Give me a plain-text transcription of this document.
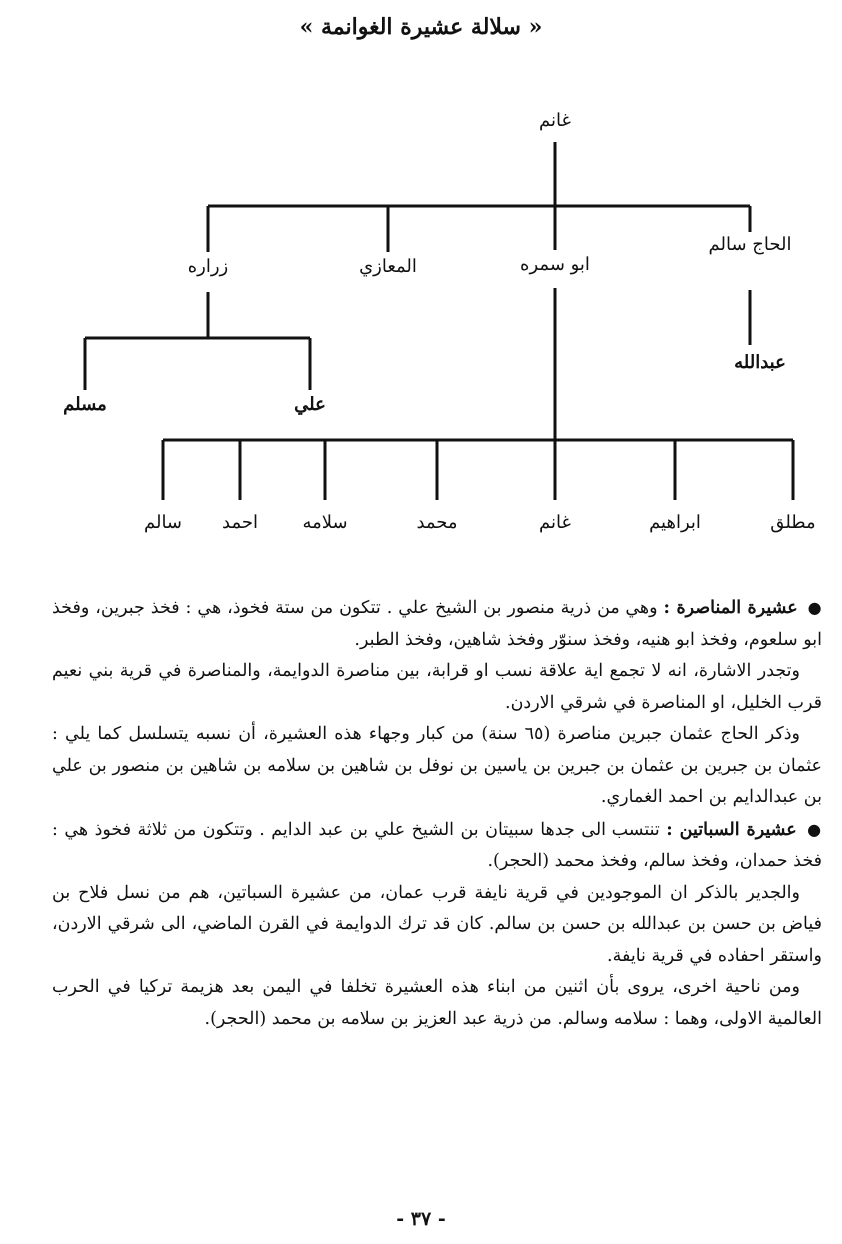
« سلالة عشيرة الغوانمة »
غانم
الحاج سالم
ابو سمره
المعازي
زراره
عبدالله
علي
مسلم
مطلق
ابراهيم
غانم
محمد
سلامه
احمد
سالم

● عشيرة المناصرة : وهي من ذرية منصور بن الشيخ علي . تتكون من ستة فخوذ، هي : فخذ جبرين، وفخذ ابو سلعوم، وفخذ ابو هنيه، وفخذ سنوّر وفخذ شاهين، وفخذ الطبر.

وتجدر الاشارة، انه لا تجمع اية علاقة نسب او قرابة، بين مناصرة الدوايمة، والمناصرة في قرية بني نعيم قرب الخليل، او المناصرة في شرقي الاردن.

وذكر الحاج عثمان جبرين مناصرة (٦٥ سنة) من كبار وجهاء هذه العشيرة، أن نسبه يتسلسل كما يلي : عثمان بن جبرين بن عثمان بن جبرين بن ياسين بن نوفل بن شاهين بن سلامه بن شاهين بن منصور بن علي بن عبدالدايم بن احمد الغماري.

● عشيرة السباتين : تنتسب الى جدها سبيتان بن الشيخ علي بن عبد الدايم . وتتكون من ثلاثة فخوذ هي : فخذ حمدان، وفخذ سالم، وفخذ محمد (الحجر).

والجدير بالذكر ان الموجودين في قرية نايفة قرب عمان، من عشيرة السباتين، هم من نسل فلاح بن فياض بن حسن بن عبدالله بن حسن بن سالم. كان قد ترك الدوايمة في القرن الماضي، الى شرقي الاردن، واستقر احفاده في قرية نايفة.

ومن ناحية اخرى، يروى بأن اثنين من ابناء هذه العشيرة تخلفا في اليمن بعد هزيمة تركيا في الحرب العالمية الاولى، وهما : سلامه وسالم. من ذرية عبد العزيز بن سلامه بن محمد (الحجر).

- ٣٧ -
